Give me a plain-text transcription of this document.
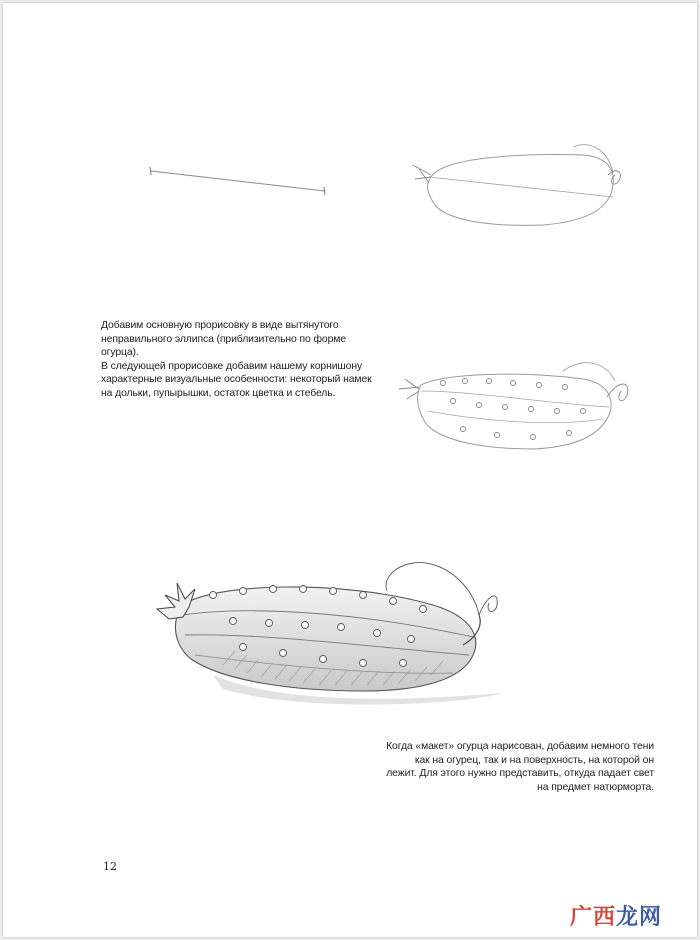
Добавим основную прорисовку в виде вытянутого неправильного эллипса (приблизительно по форме огурца).

В следующей прорисовке добавим нашему корнишону характерные визуальные особенности: некоторый намек на дольки, пупырышки, остаток цветка и стебель.

Когда «макет» огурца нарисован, добавим немного тени как на огурец, так и на поверхность, на которой он лежит. Для этого нужно представить, откуда падает свет на предмет натюрморта.

12
广西龙网
